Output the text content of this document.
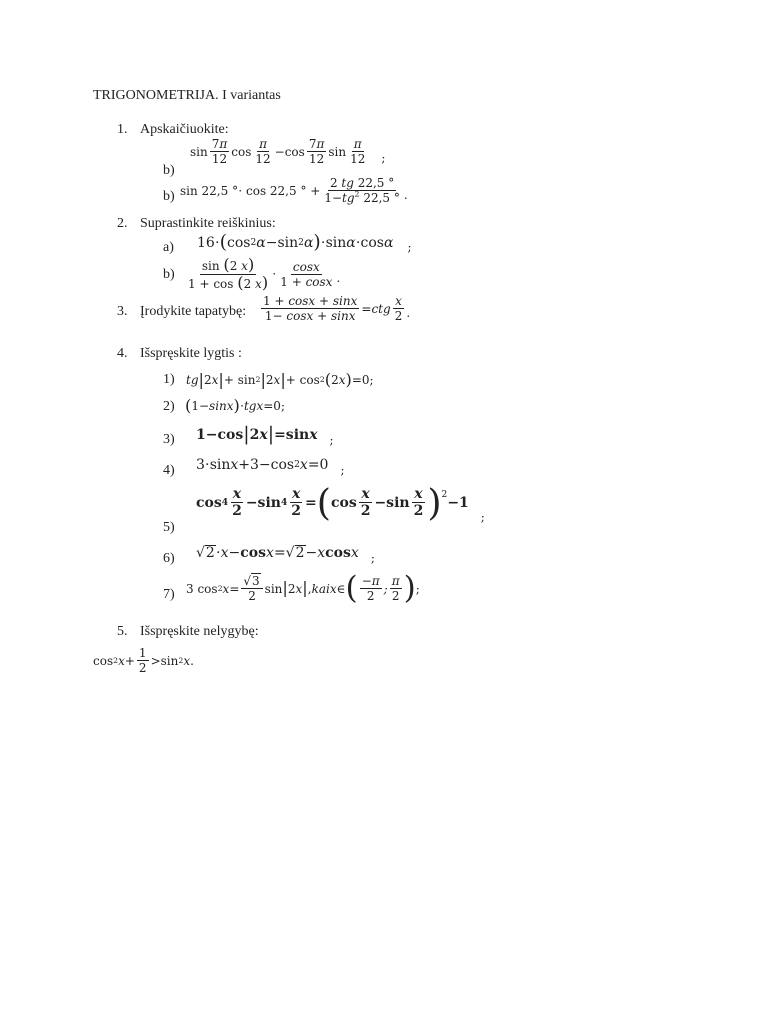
TRIGONOMETRIJA. I variantas
1. Apskaičiuokite:
b)
$\sin \frac{7\pi}{12}$ $\cos \frac{\pi}{12} -\cos \frac{7\pi}{12}$ $\sin \frac{\pi}{12}$ ;
b) sin 22,5 °⋅ cos 22,5 ° + $\frac{2 tg 22,5 ^\circ}{1-tg^2 22,5 ^\circ}$ .
2. Suprastinkite reiškinius:
a) 16⋅ ( cos 2 α −sin 2 α ) ⋅sin α ⋅cos α ;
$b) \frac{\sin (2 x)}{1 + \cos (2 x)} \cdot \frac{\cos x}{1 + \cos x}$ .
3. Įrodykite tapatybę: $\frac{1 + \cos x + \sin x}{1- \cos x + \sin x}$ = ctg $\frac{x}{2}$ .
4. Išspręskite lygtis :
1) tg | 2 x | + sin 2 | 2 x | + cos 2 ( 2 x ) =0 ;
2) ( 1− sinx ) ⋅ tgx =0 ;
3) 1−cos | 2 x | =sin x ;
4) 3⋅sin x +3−cos 2 x =0 ;
5)
$\cos 4 \frac{x}{2} -\sin$ $4 \frac{x}{2}$ = ( $\cos \frac{x}{2} -\sin \frac{x}{2} )^2 -1$
;
6) √ 2 ⋅ x − cos x =√ 2 − x cos x ;
7) 3 cos 2 $x = \frac{√3}{2}$ sin | 2 x | , kai x ∈ ( $\frac{-\pi}{2}$ ; $\frac{\pi}{2}$ ) ;
5. Išspręskite nelygybę:
cos 2 $x + \frac{1}{2} >\sin$ 2 x .
